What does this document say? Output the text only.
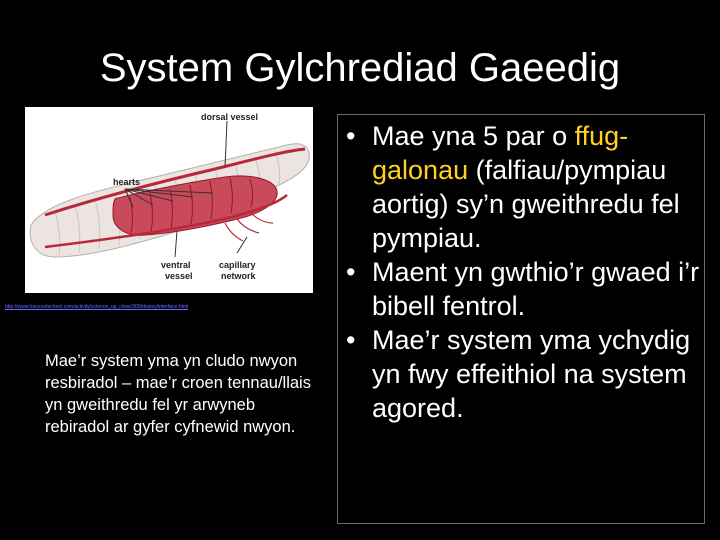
System Gylchrediad Gaeedig
dorsal vessel
hearts
ventral
vessel
capillary
network
http://www.harcourtschool.com/activity/science_up_close/309/deploy/interface.html
Mae’r system yma yn cludo nwyon resbiradol – mae’r croen tennau/llais yn gweithredu fel yr arwyneb rebiradol ar gyfer cyfnewid nwyon.
• Mae yna 5 par o ffug-galonau (falfiau/pympiau aortig) sy’n gweithredu fel pympiau.
• Maent yn gwthio’r gwaed i’r bibell fentrol.
• Mae’r system yma ychydig yn fwy effeithiol na system agored.
